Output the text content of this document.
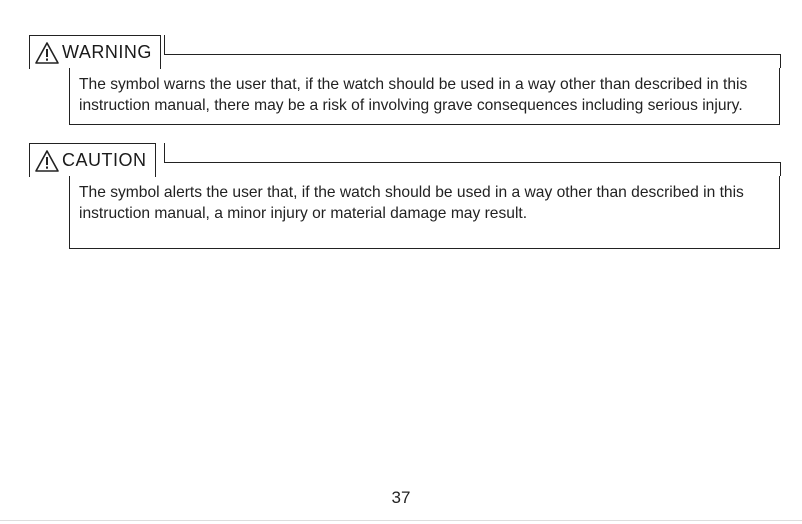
WARNING
The symbol warns the user that, if the watch should be used in a way other than described in this instruction manual, there may be a risk of involving grave consequences including serious injury.
CAUTION
The symbol alerts the user that, if the watch should be used in a way other than described in this instruction manual, a minor injury or material damage may result.
37
